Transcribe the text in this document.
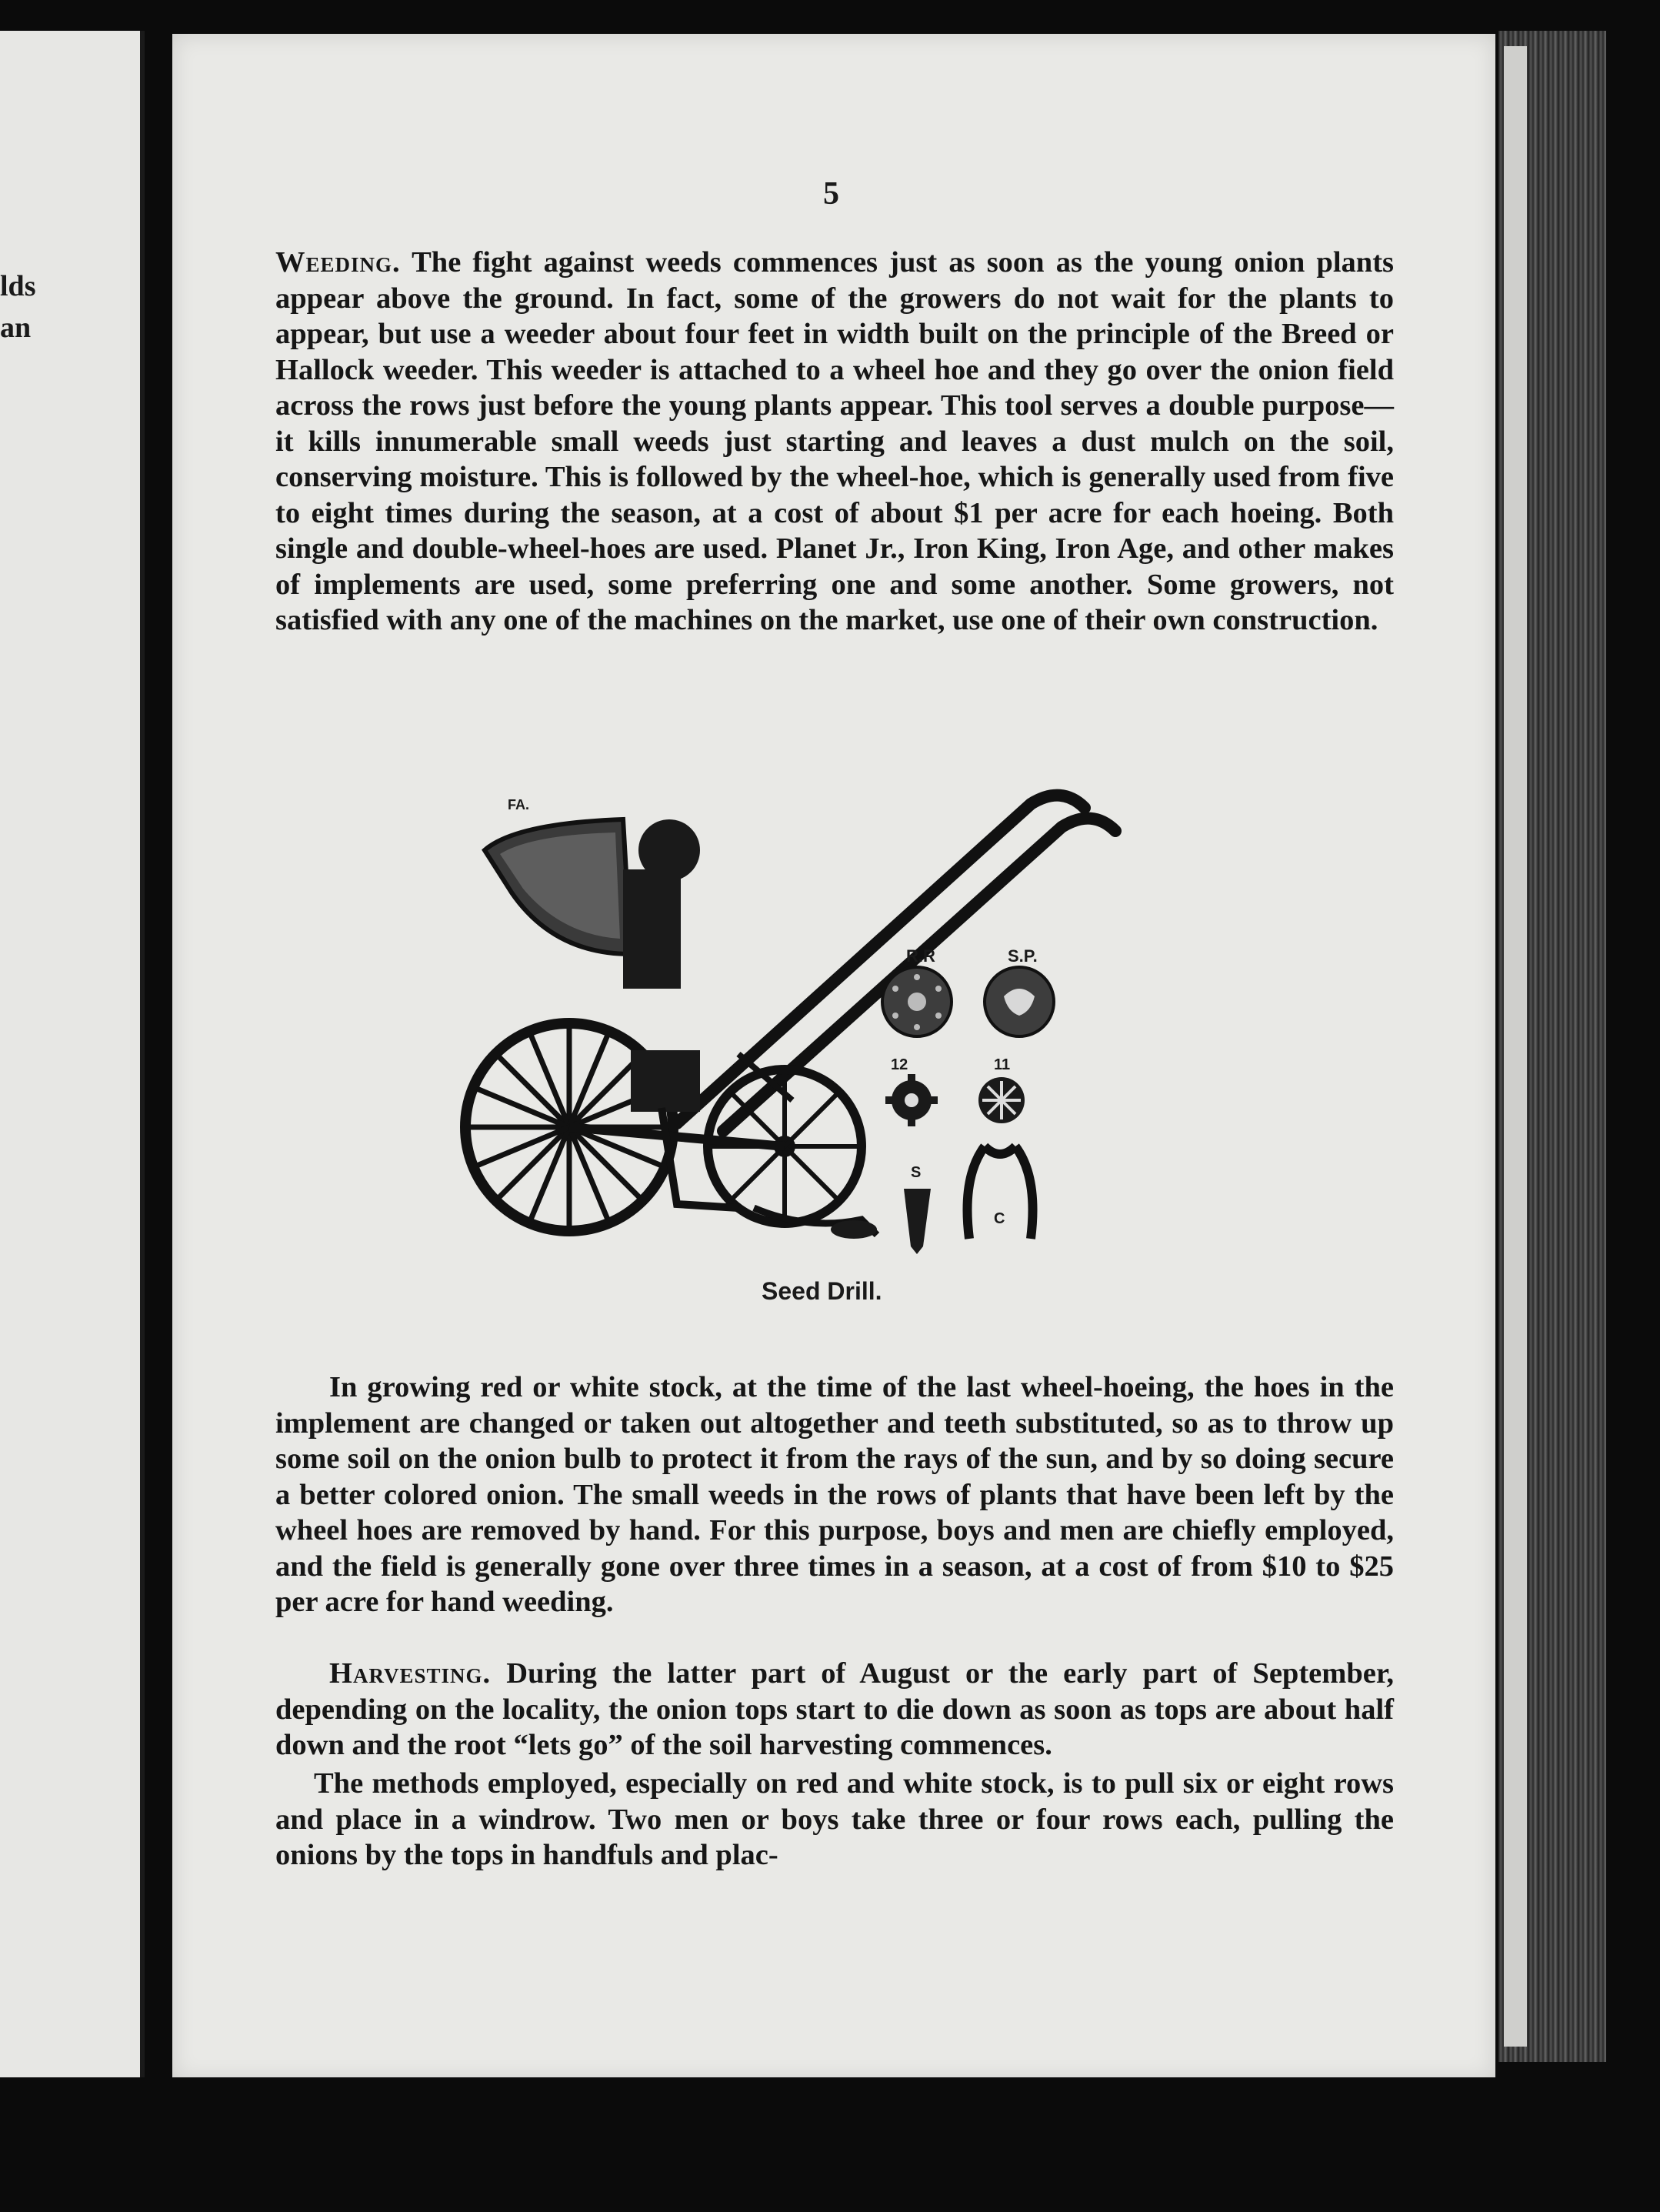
lds
an
5

Weeding. The fight against weeds commences just as soon as the young onion plants appear above the ground. In fact, some of the growers do not wait for the plants to appear, but use a weeder about four feet in width built on the principle of the Breed or Hallock weeder. This weeder is attached to a wheel hoe and they go over the onion field across the rows just before the young plants appear. This tool serves a double purpose—it kills innumerable small weeds just starting and leaves a dust mulch on the soil, conserving moisture. This is followed by the wheel-hoe, which is generally used from five to eight times during the season, at a cost of about $1 per acre for each hoeing. Both single and double-wheel-hoes are used. Planet Jr., Iron King, Iron Age, and other makes of implements are used, some preferring one and some another. Some growers, not satisfied with any one of the machines on the market, use one of their own construction.

FA.
R.R	S.P.
12	11
S
C
Seed Drill.

In growing red or white stock, at the time of the last wheel-hoeing, the hoes in the implement are changed or taken out altogether and teeth substituted, so as to throw up some soil on the onion bulb to protect it from the rays of the sun, and by so doing secure a better colored onion. The small weeds in the rows of plants that have been left by the wheel hoes are removed by hand. For this purpose, boys and men are chiefly employed, and the field is generally gone over three times in a season, at a cost of from $10 to $25 per acre for hand weeding.

Harvesting. During the latter part of August or the early part of September, depending on the locality, the onion tops start to die down as soon as tops are about half down and the root “lets go” of the soil harvesting commences.

The methods employed, especially on red and white stock, is to pull six or eight rows and place in a windrow. Two men or boys take three or four rows each, pulling the onions by the tops in handfuls and plac-
